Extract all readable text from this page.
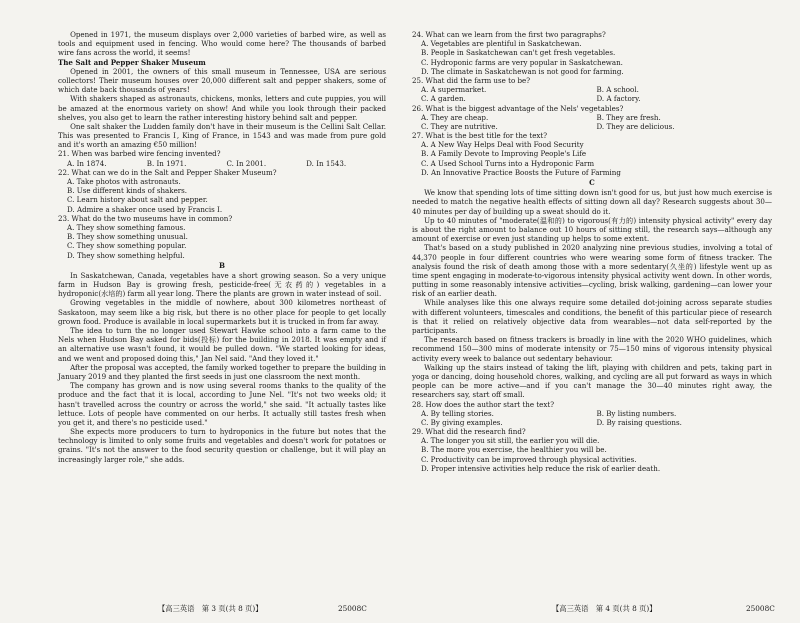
Opened in 1971, the museum displays over 2,000 varieties of barbed wire, as well as tools and equipment used in fencing. Who would come here? The thousands of barbed wire fans across the world, it seems!

The Salt and Pepper Shaker Museum

Opened in 2001, the owners of this small museum in Tennessee, USA are serious collectors! Their museum houses over 20,000 different salt and pepper shakers, some of which date back thousands of years!

With shakers shaped as astronauts, chickens, monks, letters and cute puppies, you will be amazed at the enormous variety on show! And while you look through their packed shelves, you also get to learn the rather interesting history behind salt and pepper.

One salt shaker the Ludden family don't have in their museum is the Cellini Salt Cellar. This was presented to Francis Ⅰ, King of France, in 1543 and was made from pure gold and it's worth an amazing €50 million!

21. When was barbed wire fencing invented?

A. In 1874.	B. In 1971.	C. In 2001.	D. In 1543.

22. What can we do in the Salt and Pepper Shaker Museum?

A. Take photos with astronauts.

B. Use different kinds of shakers.

C. Learn history about salt and pepper.

D. Admire a shaker once used by Francis Ⅰ.

23. What do the two museums have in common?

A. They show something famous.

B. They show something unusual.

C. They show something popular.

D. They show something helpful.

B

In Saskatchewan, Canada, vegetables have a short growing season. So a very unique farm in Hudson Bay is growing fresh, pesticide-free(无农药的) vegetables in a hydroponic(水培的) farm all year long. There the plants are grown in water instead of soil.

Growing vegetables in the middle of nowhere, about 300 kilometres northeast of Saskatoon, may seem like a big risk, but there is no other place for people to get locally grown food. Produce is available in local supermarkets but it is trucked in from far away.

The idea to turn the no longer used Stewart Hawke school into a farm came to the Nels when Hudson Bay asked for bids(投标) for the building in 2018. It was empty and if an alternative use wasn't found, it would be pulled down. "We started looking for ideas, and we went and proposed doing this," Jan Nel said. "And they loved it."

After the proposal was accepted, the family worked together to prepare the building in January 2019 and they planted the first seeds in just one classroom the next month.

The company has grown and is now using several rooms thanks to the quality of the produce and the fact that it is local, according to June Nel. "It's not two weeks old; it hasn't travelled across the country or across the world," she said. "It actually tastes like lettuce. Lots of people have commented on our herbs. It actually still tastes fresh when you get it, and there's no pesticide used."

She expects more producers to turn to hydroponics in the future but notes that the technology is limited to only some fruits and vegetables and doesn't work for potatoes or grains. "It's not the answer to the food security question or challenge, but it will play an increasingly larger role," she adds.

【高三英语　第 3 页(共 8 页)】	25008C

24. What can we learn from the first two paragraphs?

A. Vegetables are plentiful in Saskatchewan.

B. People in Saskatchewan can't get fresh vegetables.

C. Hydroponic farms are very popular in Saskatchewan.

D. The climate in Saskatchewan is not good for farming.

25. What did the farm use to be?

A. A supermarket.	B. A school.
C. A garden.	D. A factory.

26. What is the biggest advantage of the Nels' vegetables?

A. They are cheap.	B. They are fresh.
C. They are nutritive.	D. They are delicious.

27. What is the best title for the text?

A. A New Way Helps Deal with Food Security

B. A Family Devote to Improving People's Life

C. A Used School Turns into a Hydroponic Farm

D. An Innovative Practice Boosts the Future of Farming

C

We know that spending lots of time sitting down isn't good for us, but just how much exercise is needed to match the negative health effects of sitting down all day? Research suggests about 30—40 minutes per day of building up a sweat should do it.

Up to 40 minutes of "moderate(温和的) to vigorous(有力的) intensity physical activity" every day is about the right amount to balance out 10 hours of sitting still, the research says—although any amount of exercise or even just standing up helps to some extent.

That's based on a study published in 2020 analyzing nine previous studies, involving a total of 44,370 people in four different countries who were wearing some form of fitness tracker. The analysis found the risk of death among those with a more sedentary(久坐的) lifestyle went up as time spent engaging in moderate-to-vigorous intensity physical activity went down. In other words, putting in some reasonably intensive activities—cycling, brisk walking, gardening—can lower your risk of an earlier death.

While analyses like this one always require some detailed dot-joining across separate studies with different volunteers, timescales and conditions, the benefit of this particular piece of research is that it relied on relatively objective data from wearables—not data self-reported by the participants.

The research based on fitness trackers is broadly in line with the 2020 WHO guidelines, which recommend 150—300 mins of moderate intensity or 75—150 mins of vigorous intensity physical activity every week to balance out sedentary behaviour.

Walking up the stairs instead of taking the lift, playing with children and pets, taking part in yoga or dancing, doing household chores, walking, and cycling are all put forward as ways in which people can be more active—and if you can't manage the 30—40 minutes right away, the researchers say, start off small.

28. How does the author start the text?

A. By telling stories.	B. By listing numbers.
C. By giving examples.	D. By raising questions.

29. What did the research find?

A. The longer you sit still, the earlier you will die.

B. The more you exercise, the healthier you will be.

C. Productivity can be improved through physical activities.

D. Proper intensive activities help reduce the risk of earlier death.

【高三英语　第 4 页(共 8 页)】	25008C
